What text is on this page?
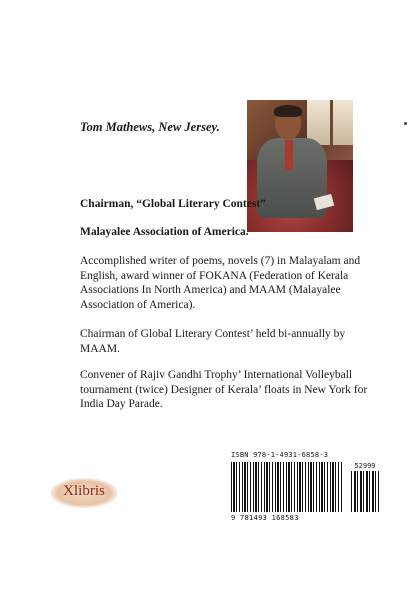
Tom Mathews, New Jersey.
Chairman, “Global Literary Contest”
Malayalee Association of America.
Accomplished writer of poems, novels (7) in Malayalam and English, award winner of FOKANA (Federation of Kerala Associations In North America) and MAAM (Malayalee Association of America).
Chairman of Global Literary Contest’ held bi-annually by MAAM.
Convener of Rajiv Gandhi Trophy’ International Volleyball tournament (twice) Designer of Kerala’ floats in New York for India Day Parade.
Xlibris
ISBN 978-1-4931-6858-3
52999
9 781493 168583
